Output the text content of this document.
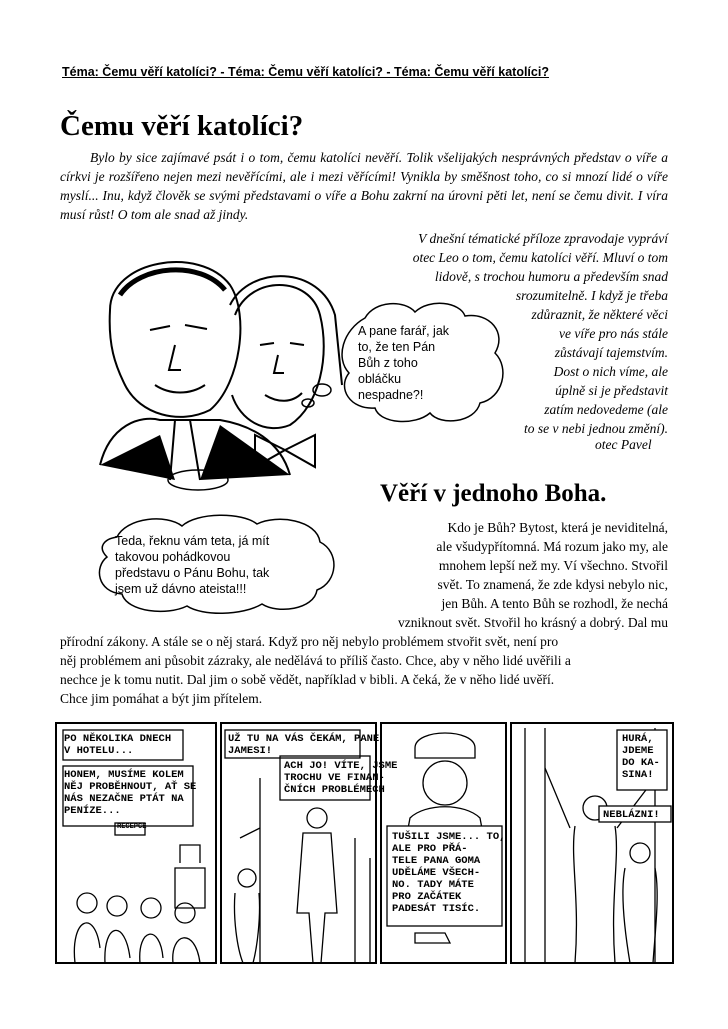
Téma: Čemu věří katolíci? - Téma: Čemu věří katolíci? - Téma: Čemu věří katolíci?
Čemu věří katolíci?

Bylo by sice zajímavé psát i o tom, čemu katolíci nevěří. Tolik všelijakých nesprávných představ o víře a církvi je rozšířeno nejen mezi nevěřícími, ale i mezi věřícími! Vynikla by směšnost toho, co si mnozí lidé o víře myslí... Inu, když člověk se svými představami o víře a Bohu zakrní na úrovni pěti let, není se čemu divit. I víra musí růst! O tom ale snad až jindy.

V dnešní tématické příloze zpravodaje vypráví
otec Leo o tom, čemu katolíci věří. Mluví o tom
lidově, s trochou humoru a především snad
srozumitelně. I když je třeba
zdůraznit, že některé věci
ve víře pro nás stále
zůstávají tajemstvím.
Dost o nich víme, ale
úplně si je představit
zatím nedovedeme (ale
to se v nebi jednou změní).
otec Pavel
A pane farář, jak
to, že ten Pán
Bůh z toho
obláčku
nespadne?!
Věří v jednoho Boha.
Teda, řeknu vám teta, já mít
takovou pohádkovou
představu o Pánu Bohu, tak
jsem už dávno ateista!!!
Kdo je Bůh? Bytost, která je neviditelná,
ale všudypřítomná. Má rozum jako my, ale
mnohem lepší než my. Ví všechno. Stvořil
svět. To znamená, že zde kdysi nebylo nic,
jen Bůh. A tento Bůh se rozhodl, že nechá
vzniknout svět. Stvořil ho krásný a dobrý. Dal mu
přírodní zákony. A stále se o něj stará. Když pro něj nebylo problémem stvořit svět, není pro
něj problémem ani působit zázraky, ale nedělává to příliš často. Chce, aby v něho lidé uvěřili a
nechce je k tomu nutit. Dal jim o sobě vědět, například v bibli. A čeká, že v něho lidé uvěří.
Chce jim pomáhat a být jim přítelem.
PO NĚKOLIKA DNECH
V HOTELU...
HONEM, MUSÍME KOLEM
NĚJ PROBĚHNOUT, AŤ SE
NÁS NEZAČNE PTÁT NA
PENÍZE...
RECEPCE
UŽ TU NA VÁS ČEKÁM, PANE
JAMESI!
ACH JO! VÍTE, JSME
TROCHU VE FINAN-
ČNÍCH PROBLÉMECH
TUŠILI JSME... TO,
ALE PRO PŘÁ-
TELE PANA GOMA
UDĚLÁME VŠECH-
NO. TADY MÁTE
PRO ZAČÁTEK
PADESÁT TISÍC.
HURÁ,
JDEME
DO KA-
SINA!
NEBLÁZNI!
